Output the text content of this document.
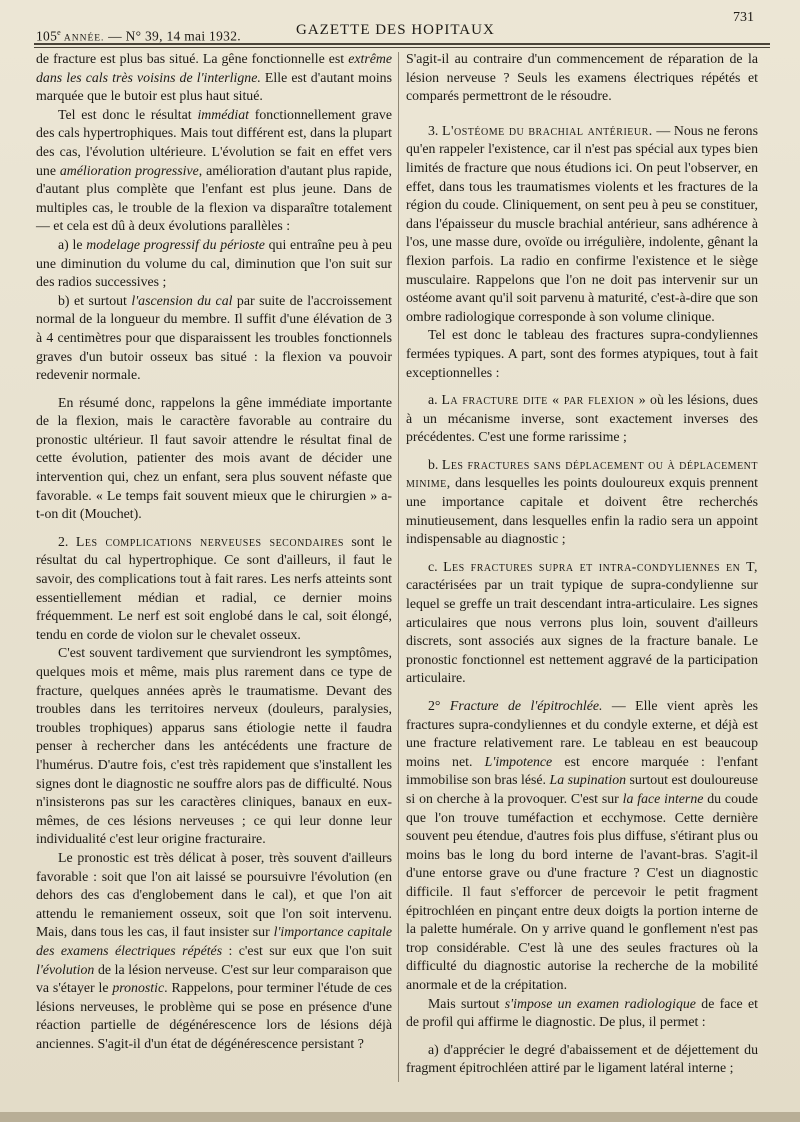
105e ANNÉE. — N° 39, 14 mai 1932.	GAZETTE DES HOPITAUX
731

de fracture est plus bas situé. La gêne fonctionnelle est extrême dans les cals très voisins de l'interligne. Elle est d'autant moins marquée que le butoir est plus haut situé.

Tel est donc le résultat immédiat fonctionnellement grave des cals hypertrophiques. Mais tout différent est, dans la plupart des cas, l'évolution ultérieure. L'évolution se fait en effet vers une amélioration progressive, amélioration d'autant plus rapide, d'autant plus complète que l'enfant est plus jeune. Dans de multiples cas, le trouble de la flexion va disparaître totalement — et cela est dû à deux évolutions parallèles :

a) le modelage progressif du périoste qui entraîne peu à peu une diminution du volume du cal, diminution que l'on suit sur des radios successives ;

b) et surtout l'ascension du cal par suite de l'accroissement normal de la longueur du membre. Il suffit d'une élévation de 3 à 4 centimètres pour que disparaissent les troubles fonctionnels graves d'un butoir osseux bas situé : la flexion va pouvoir redevenir normale.

En résumé donc, rappelons la gêne immédiate importante de la flexion, mais le caractère favorable au contraire du pronostic ultérieur. Il faut savoir attendre le résultat final de cette évolution, patienter des mois avant de décider une intervention qui, chez un enfant, sera plus souvent néfaste que favorable. « Le temps fait souvent mieux que le chirurgien » a-t-on dit (Mouchet).

2. Les complications nerveuses secondaires sont le résultat du cal hypertrophique. Ce sont d'ailleurs, il faut le savoir, des complications tout à fait rares. Les nerfs atteints sont essentiellement médian et radial, ce dernier moins fréquemment. Le nerf est soit englobé dans le cal, soit élongé, tendu en corde de violon sur le chevalet osseux.

C'est souvent tardivement que surviendront les symptômes, quelques mois et même, mais plus rarement dans ce type de fracture, quelques années après le traumatisme. Devant des troubles dans les territoires nerveux (douleurs, paralysies, troubles trophiques) apparus sans étiologie nette il faudra penser à rechercher dans les antécédents une fracture de l'humérus. D'autre fois, c'est très rapidement que s'installent les signes dont le diagnostic ne souffre alors pas de difficulté. Nous n'insisterons pas sur les caractères cliniques, banaux en eux-mêmes, de ces lésions nerveuses ; ce qui leur donne leur individualité c'est leur origine fracturaire.

Le pronostic est très délicat à poser, très souvent d'ailleurs favorable : soit que l'on ait laissé se poursuivre l'évolution (en dehors des cas d'englobement dans le cal), et que l'on ait attendu le remaniement osseux, soit que l'on soit intervenu. Mais, dans tous les cas, il faut insister sur l'importance capitale des examens électriques répétés : c'est sur eux que l'on suit l'évolution de la lésion nerveuse. C'est sur leur comparaison que va s'étayer le pronostic. Rappelons, pour terminer l'étude de ces lésions nerveuses, le problème qui se pose en présence d'une réaction partielle de dégénérescence lors de lésions déjà anciennes. S'agit-il d'un état de dégénérescence persistant ?

S'agit-il au contraire d'un commencement de réparation de la lésion nerveuse ? Seuls les examens électriques répétés et comparés permettront de le résoudre.

3. L'ostéome du brachial antérieur. — Nous ne ferons qu'en rappeler l'existence, car il n'est pas spécial aux types bien limités de fracture que nous étudions ici. On peut l'observer, en effet, dans tous les traumatismes violents et les fractures de la région du coude. Cliniquement, on sent peu à peu se constituer, dans l'épaisseur du muscle brachial antérieur, sans adhérence à l'os, une masse dure, ovoïde ou irrégulière, indolente, gênant la flexion parfois. La radio en confirme l'existence et le siège musculaire. Rappelons que l'on ne doit pas intervenir sur un ostéome avant qu'il soit parvenu à maturité, c'est-à-dire que son ombre radiologique corresponde à son volume clinique.

Tel est donc le tableau des fractures supra-condyliennes fermées typiques. A part, sont des formes atypiques, tout à fait exceptionnelles :

a. La fracture dite « par flexion » où les lésions, dues à un mécanisme inverse, sont exactement inverses des précédentes. C'est une forme rarissime ;

b. Les fractures sans déplacement ou à déplacement minime, dans lesquelles les points douloureux exquis prennent une importance capitale et doivent être recherchés minutieusement, dans lesquelles enfin la radio sera un appoint indispensable au diagnostic ;

c. Les fractures supra et intra-condyliennes en T, caractérisées par un trait typique de supra-condylienne sur lequel se greffe un trait descendant intra-articulaire. Les signes articulaires que nous verrons plus loin, souvent d'ailleurs discrets, sont associés aux signes de la fracture banale. Le pronostic fonctionnel est nettement aggravé de la participation articulaire.

2° Fracture de l'épitrochlée. — Elle vient après les fractures supra-condyliennes et du condyle externe, et déjà est une fracture relativement rare. Le tableau en est beaucoup moins net. L'impotence est encore marquée : l'enfant immobilise son bras lésé. La supination surtout est douloureuse si on cherche à la provoquer. C'est sur la face interne du coude que l'on trouve tuméfaction et ecchymose. Cette dernière souvent peu étendue, d'autres fois plus diffuse, s'étirant plus ou moins bas le long du bord interne de l'avant-bras. S'agit-il d'une entorse grave ou d'une fracture ? C'est un diagnostic difficile. Il faut s'efforcer de percevoir le petit fragment épitrochléen en pinçant entre deux doigts la portion interne de la palette humérale. On y arrive quand le gonflement n'est pas trop considérable. C'est là une des seules fractures où la difficulté du diagnostic autorise la recherche de la mobilité anormale et de la crépitation.

Mais surtout s'impose un examen radiologique de face et de profil qui affirme le diagnostic. De plus, il permet :

a) d'apprécier le degré d'abaissement et de déjettement du fragment épitrochléen attiré par le ligament latéral interne ;
